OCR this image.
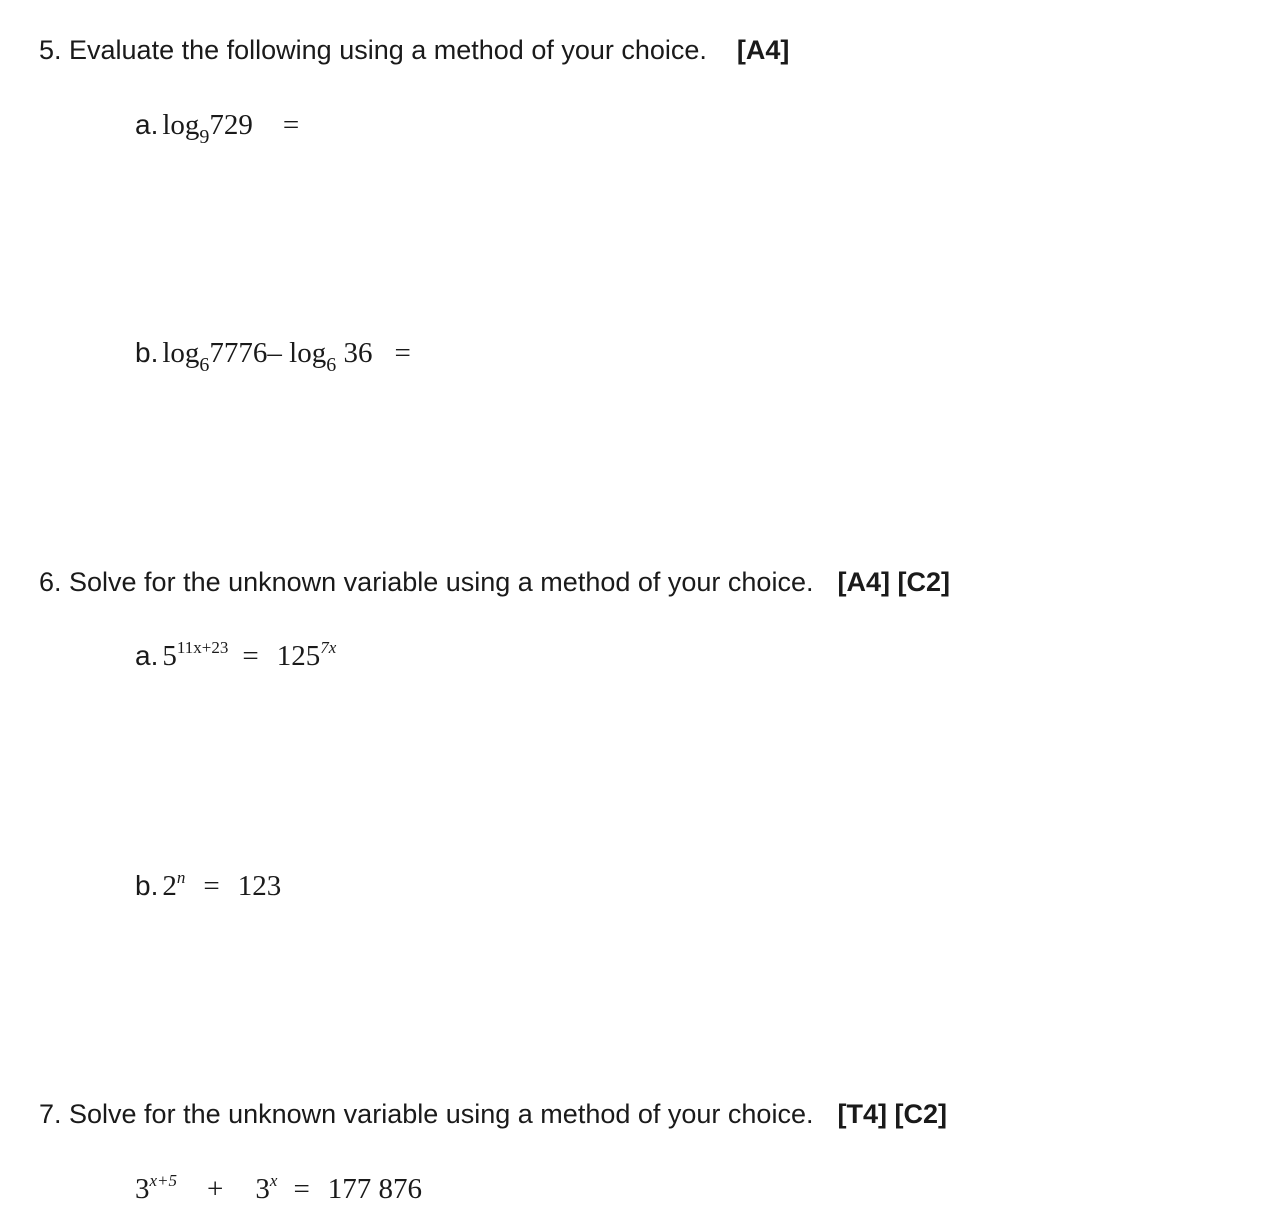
5. Evaluate the following using a method of your choice. [A4]
a. $\log_9729$ =
b. $\log_67776-$ $\log_6 36$ =
6. Solve for the unknown variable using a method of your choice. [A4] [C2]
a. $5^{11x+23} = 125^{7x}$
b. $2^n = 123$
7. Solve for the unknown variable using a method of your choice. [T4] [C2]
$3^{x+5} + 3^x = 177$ 876
